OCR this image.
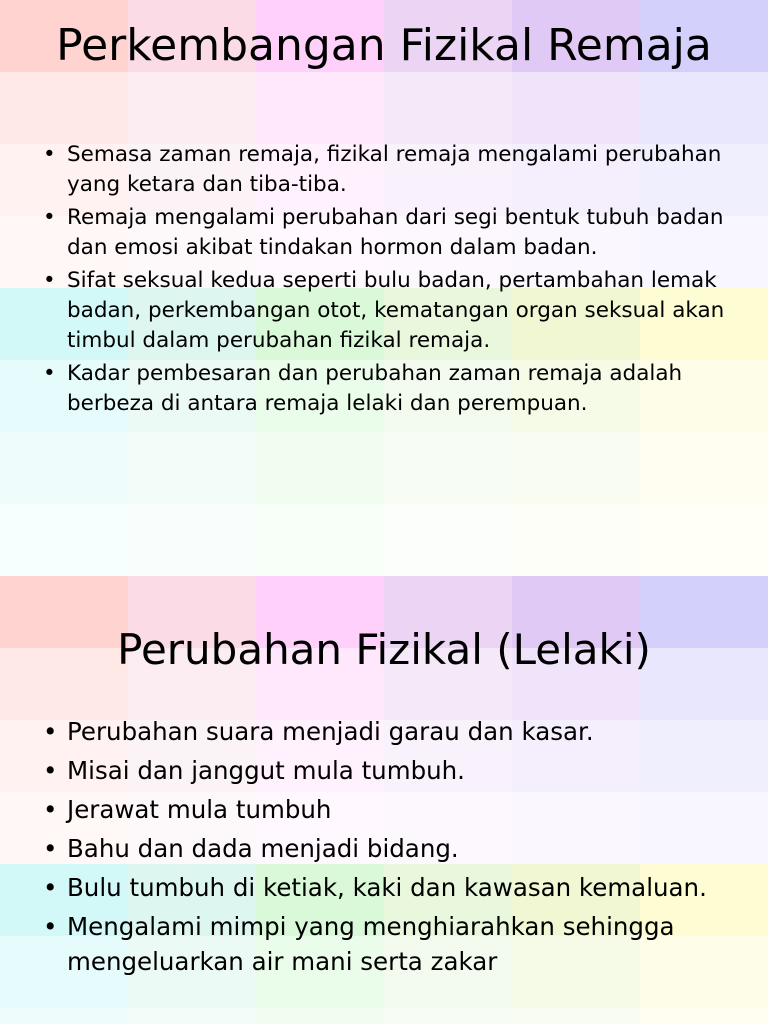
Perkembangan Fizikal Remaja
• Semasa zaman remaja, fizikal remaja mengalami perubahan yang ketara dan tiba-tiba.
• Remaja mengalami perubahan dari segi bentuk tubuh badan dan emosi akibat tindakan hormon dalam badan.
• Sifat seksual kedua seperti bulu badan, pertambahan lemak badan, perkembangan otot, kematangan organ seksual akan timbul dalam perubahan fizikal remaja.
• Kadar pembesaran dan perubahan zaman remaja adalah berbeza di antara remaja lelaki dan perempuan.
Perubahan Fizikal (Lelaki)
• Perubahan suara menjadi garau dan kasar.
• Misai dan janggut mula tumbuh.
• Jerawat mula tumbuh
• Bahu dan dada menjadi bidang.
• Bulu tumbuh di ketiak, kaki dan kawasan kemaluan.
• Mengalami mimpi yang menghiarahkan sehingga mengeluarkan air mani serta zakar
